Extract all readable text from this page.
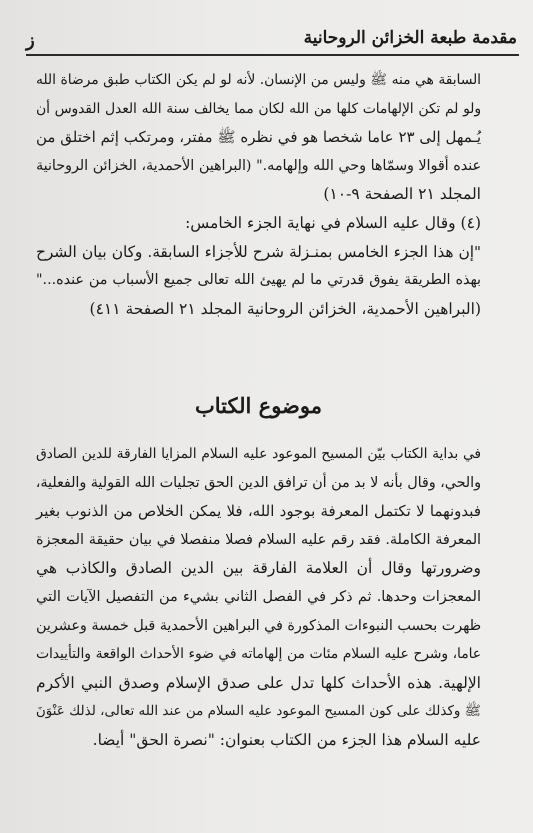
ز	مقدمة طبعة الخزائن الروحانية
السابقة هي منه ﷺ وليس من الإنسان. لأنه لو لم يكن الكتاب طبق مرضاة الله
ولو لم تكن الإلهامات كلها من الله لكان مما يخالف سنة الله العدل القدوس أن
يُـمهل إلى ٢٣ عاما شخصا هو في نظره ﷺ مفتر، ومرتكب إثم اختلق من
عنده أقوالا وسمّاها وحي الله وإلهامه." (البراهين الأحمدية، الخزائن الروحانية
المجلد ٢١ الصفحة ٩-١٠)
(٤) وقال عليه السلام في نهاية الجزء الخامس:
"إن هذا الجزء الخامس بمنـزلة شرح للأجزاء السابقة. وكان بيان الشرح
بهذه الطريقة يفوق قدرتي ما لم يهيئ الله تعالى جميع الأسباب من عنده..."
(البراهين الأحمدية، الخزائن الروحانية المجلد ٢١ الصفحة ٤١١)
موضوع الكتاب
في بداية الكتاب بيّن المسيح الموعود عليه السلام المزايا الفارقة للدين الصادق
والحي، وقال بأنه لا بد من أن ترافق الدين الحق تجليات الله القولية والفعلية،
فبدونهما لا تكتمل المعرفة بوجود الله، فلا يمكن الخلاص من الذنوب بغير
المعرفة الكاملة. فقد رقم عليه السلام فصلا منفصلا في بيان حقيقة المعجزة
وضرورتها وقال أن العلامة الفارقة بين الدين الصادق والكاذب هي
المعجزات وحدها. ثم ذكر في الفصل الثاني بشيء من التفصيل الآيات التي
ظهرت بحسب النبوءات المذكورة في البراهين الأحمدية قبل خمسة وعشرين
عاما، وشرح عليه السلام مئات من إلهاماته في ضوء الأحداث الواقعة والتأييدات
الإلهية. هذه الأحداث كلها تدل على صدق الإسلام وصدق النبي الأكرم
ﷺ وكذلك على كون المسيح الموعود عليه السلام من عند الله تعالى، لذلك عَنْوَنَ
عليه السلام هذا الجزء من الكتاب بعنوان: "نصرة الحق" أيضا.
